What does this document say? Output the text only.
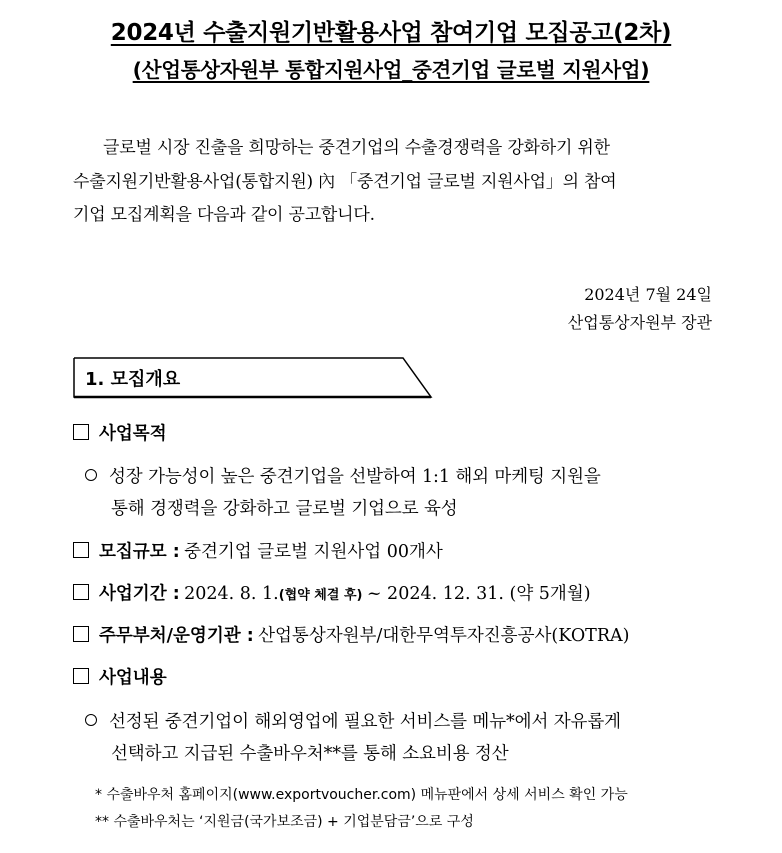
2024년 수출지원기반활용사업 참여기업 모집공고(2차)
(산업통상자원부 통합지원사업_중견기업 글로벌 지원사업)
글로벌 시장 진출을 희망하는 중견기업의 수출경쟁력을 강화하기 위한
수출지원기반활용사업(통합지원) 內 「중견기업 글로벌 지원사업」의 참여
기업 모집계획을 다음과 같이 공고합니다.
2024년 7월 24일
산업통상자원부 장관
1. 모집개요
사업목적
성장 가능성이 높은 중견기업을 선발하여 1:1 해외 마케팅 지원을
통해 경쟁력을 강화하고 글로벌 기업으로 육성
모집규모 : 중견기업 글로벌 지원사업 00개사
사업기간 : 2024. 8. 1.(협약 체결 후) ~ 2024. 12. 31. (약 5개월)
주무부처/운영기관 : 산업통상자원부/대한무역투자진흥공사(KOTRA)
사업내용
선정된 중견기업이 해외영업에 필요한 서비스를 메뉴*에서 자유롭게
선택하고 지급된 수출바우처**를 통해 소요비용 정산
* 수출바우처 홈페이지(www.exportvoucher.com) 메뉴판에서 상세 서비스 확인 가능
** 수출바우처는 ‘지원금(국가보조금) + 기업분담금’으로 구성
